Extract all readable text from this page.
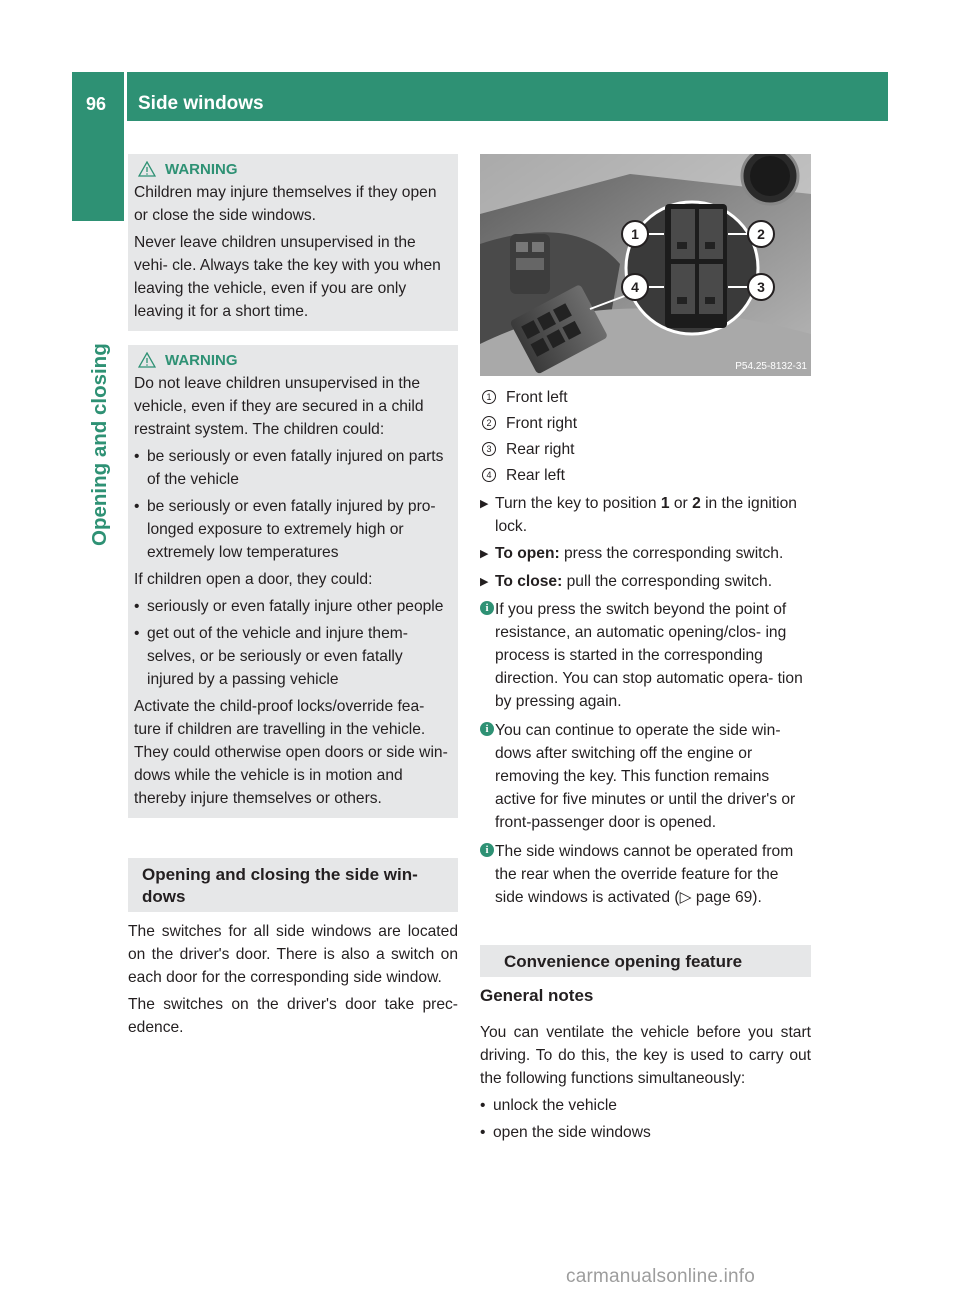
96 Side windows
Opening and closing
WARNING

Children may injure themselves if they open or close the side windows.

Never leave children unsupervised in the vehi- cle. Always take the key with you when leaving the vehicle, even if you are only leaving it for a short time.

WARNING

Do not leave children unsupervised in the vehicle, even if they are secured in a child restraint system. The children could:

• be seriously or even fatally injured on parts of the vehicle
• be seriously or even fatally injured by pro- longed exposure to extremely high or extremely low temperatures

If children open a door, they could:

• seriously or even fatally injure other people
• get out of the vehicle and injure them- selves, or be seriously or even fatally injured by a passing vehicle

Activate the child-proof locks/override fea- ture if children are travelling in the vehicle. They could otherwise open doors or side win- dows while the vehicle is in motion and thereby injure themselves or others.

Opening and closing the side win- dows

The switches for all side windows are located on the driver's door. There is also a switch on each door for the corresponding side window.

The switches on the driver's door take prec- edence.

1	2
3
4
P54.25-8132-31
1 Front left
2 Front right
3 Rear right
4 Rear left
▶ Turn the key to position 1 or 2 in the ignition lock.
▶ To open: press the corresponding switch.
▶ To close: pull the corresponding switch.
i If you press the switch beyond the point of resistance, an automatic opening/clos- ing process is started in the corresponding direction. You can stop automatic opera- tion by pressing again.
i You can continue to operate the side win- dows after switching off the engine or removing the key. This function remains active for five minutes or until the driver's or front-passenger door is opened.
i The side windows cannot be operated from the rear when the override feature for the side windows is activated (▷ page 69).
Convenience opening feature
General notes

You can ventilate the vehicle before you start driving. To do this, the key is used to carry out the following functions simultaneously:

• unlock the vehicle
• open the side windows
carmanualsonline.info
